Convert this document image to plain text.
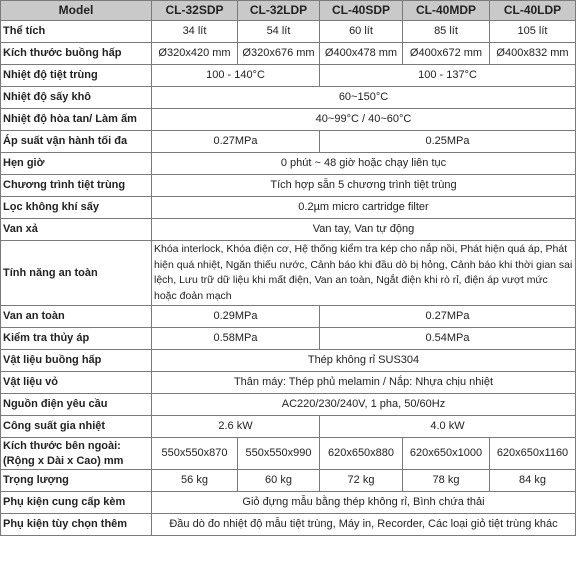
Model	CL-32SDP	CL-32LDP	CL-40SDP	CL-40MDP	CL-40LDP
Thể tích	34 lít	54 lít	60 lít	85 lít	105 lít
Kích thước buồng hấp	Ø320x420 mm	Ø320x676 mm	Ø400x478 mm	Ø400x672 mm	Ø400x832 mm
Nhiệt độ tiệt trùng	100 - 140°C		100 - 137°C		
Nhiệt độ sấy khô	60~150°C				
Nhiệt độ hòa tan/ Làm ấm	40~99°C / 40~60°C				
Áp suất vận hành tối đa	0.27MPa		0.25MPa		
Hẹn giờ	0 phút ~ 48 giờ hoặc chạy liên tục				
Chương trình tiệt trùng	Tích hợp sẵn 5 chương trình tiệt trùng				
Lọc không khí sấy	0.2µm micro cartridge filter				
Van xả	Van tay, Van tự động				
Tính năng an toàn	Khóa interlock, Khóa điện cơ, Hệ thống kiểm tra kép cho nắp nồi, Phát hiện quá áp, Phát hiện quá nhiệt, Ngăn thiếu nước, Cảnh báo khi đầu dò bị hỏng, Cảnh báo khi thời gian sai lệch, Lưu trữ dữ liệu khi mất điện, Van an toàn, Ngắt điện khi rò rỉ, điện áp vượt mức hoặc đoản mạch				
Van an toàn	0.29MPa		0.27MPa		
Kiểm tra thủy áp	0.58MPa		0.54MPa		
Vật liệu buồng hấp	Thép không rỉ SUS304				
Vật liệu vỏ	Thân máy: Thép phủ melamin / Nắp: Nhựa chịu nhiệt				
Nguồn điện yêu cầu	AC220/230/240V, 1 pha, 50/60Hz				
Công suất gia nhiệt	2.6 kW		4.0 kW		
Kích thước bên ngoài: (Rộng x Dài x Cao) mm	550x550x870	550x550x990	620x650x880	620x650x1000	620x650x1160
Trọng lượng	56 kg	60 kg	72 kg	78 kg	84 kg
Phụ kiện cung cấp kèm	Giỏ đựng mẫu bằng thép không rỉ, Bình chứa thải				
Phụ kiện tùy chọn thêm	Đầu dò đo nhiệt độ mẫu tiệt trùng, Máy in, Recorder, Các loại giỏ tiệt trùng khác				
